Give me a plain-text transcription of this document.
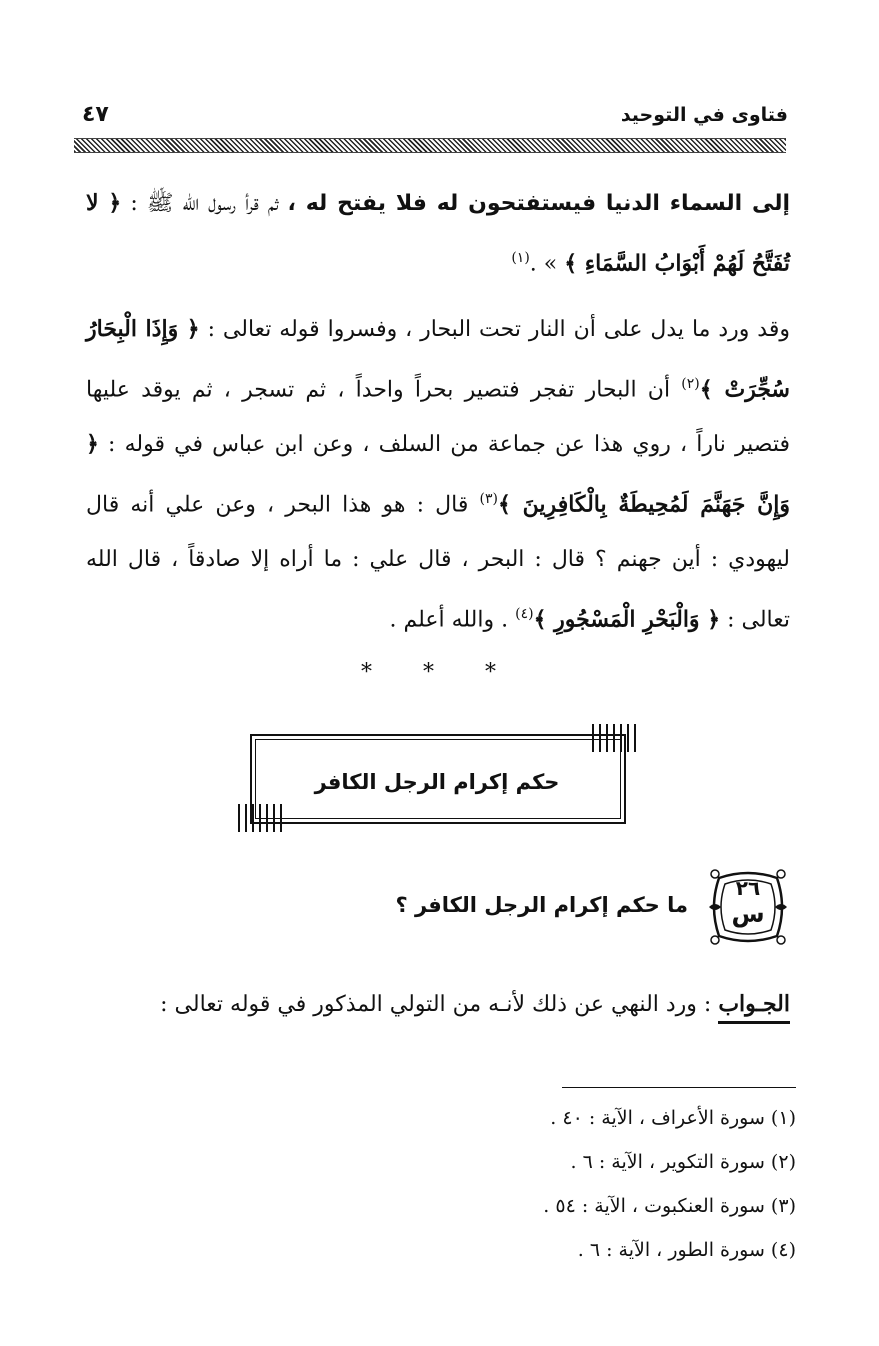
فتاوى في التوحيد
٤٧
إلى السماء الدنيا فيستفتحون له فلا يفتح له ، ثم قرأ رسول الله ﷺ : ﴿ لا تُفَتَّحُ لَهُمْ أَبْوَابُ السَّمَاءِ ﴾ » .$^{(١)}$
وقد ورد ما يدل على أن النار تحت البحار ، وفسروا قوله تعالى : ﴿ وَإِذَا الْبِحَارُ سُجِّرَتْ ﴾$^{(٢)}$ أن البحار تفجر فتصير بحراً واحداً ، ثم تسجر ، ثم يوقد عليها فتصير ناراً ، روي هذا عن جماعة من السلف ، وعن ابن عباس في قوله : ﴿ وَإِنَّ جَهَنَّمَ لَمُحِيطَةٌ بِالْكَافِرِينَ ﴾$^{(٣)}$ قال : هو هذا البحر ، وعن علي أنه قال ليهودي : أين جهنم ؟ قال : البحر ، قال علي : ما أراه إلا صادقاً ، قال الله تعالى : ﴿ وَالْبَحْرِ الْمَسْجُورِ ﴾$^{(٤)}$ . والله أعلم .
* * *
حكم إكرام الرجل الكافر
٢٦
س
ما حكم إكرام الرجل الكافر ؟
الجـواب : ورد النهي عن ذلك لأنـه من التولي المذكور في قوله تعالى :
(١) سورة الأعراف ، الآية : ٤٠ .
(٢) سورة التكوير ، الآية : ٦ .
(٣) سورة العنكبوت ، الآية : ٥٤ .
(٤) سورة الطور ، الآية : ٦ .
